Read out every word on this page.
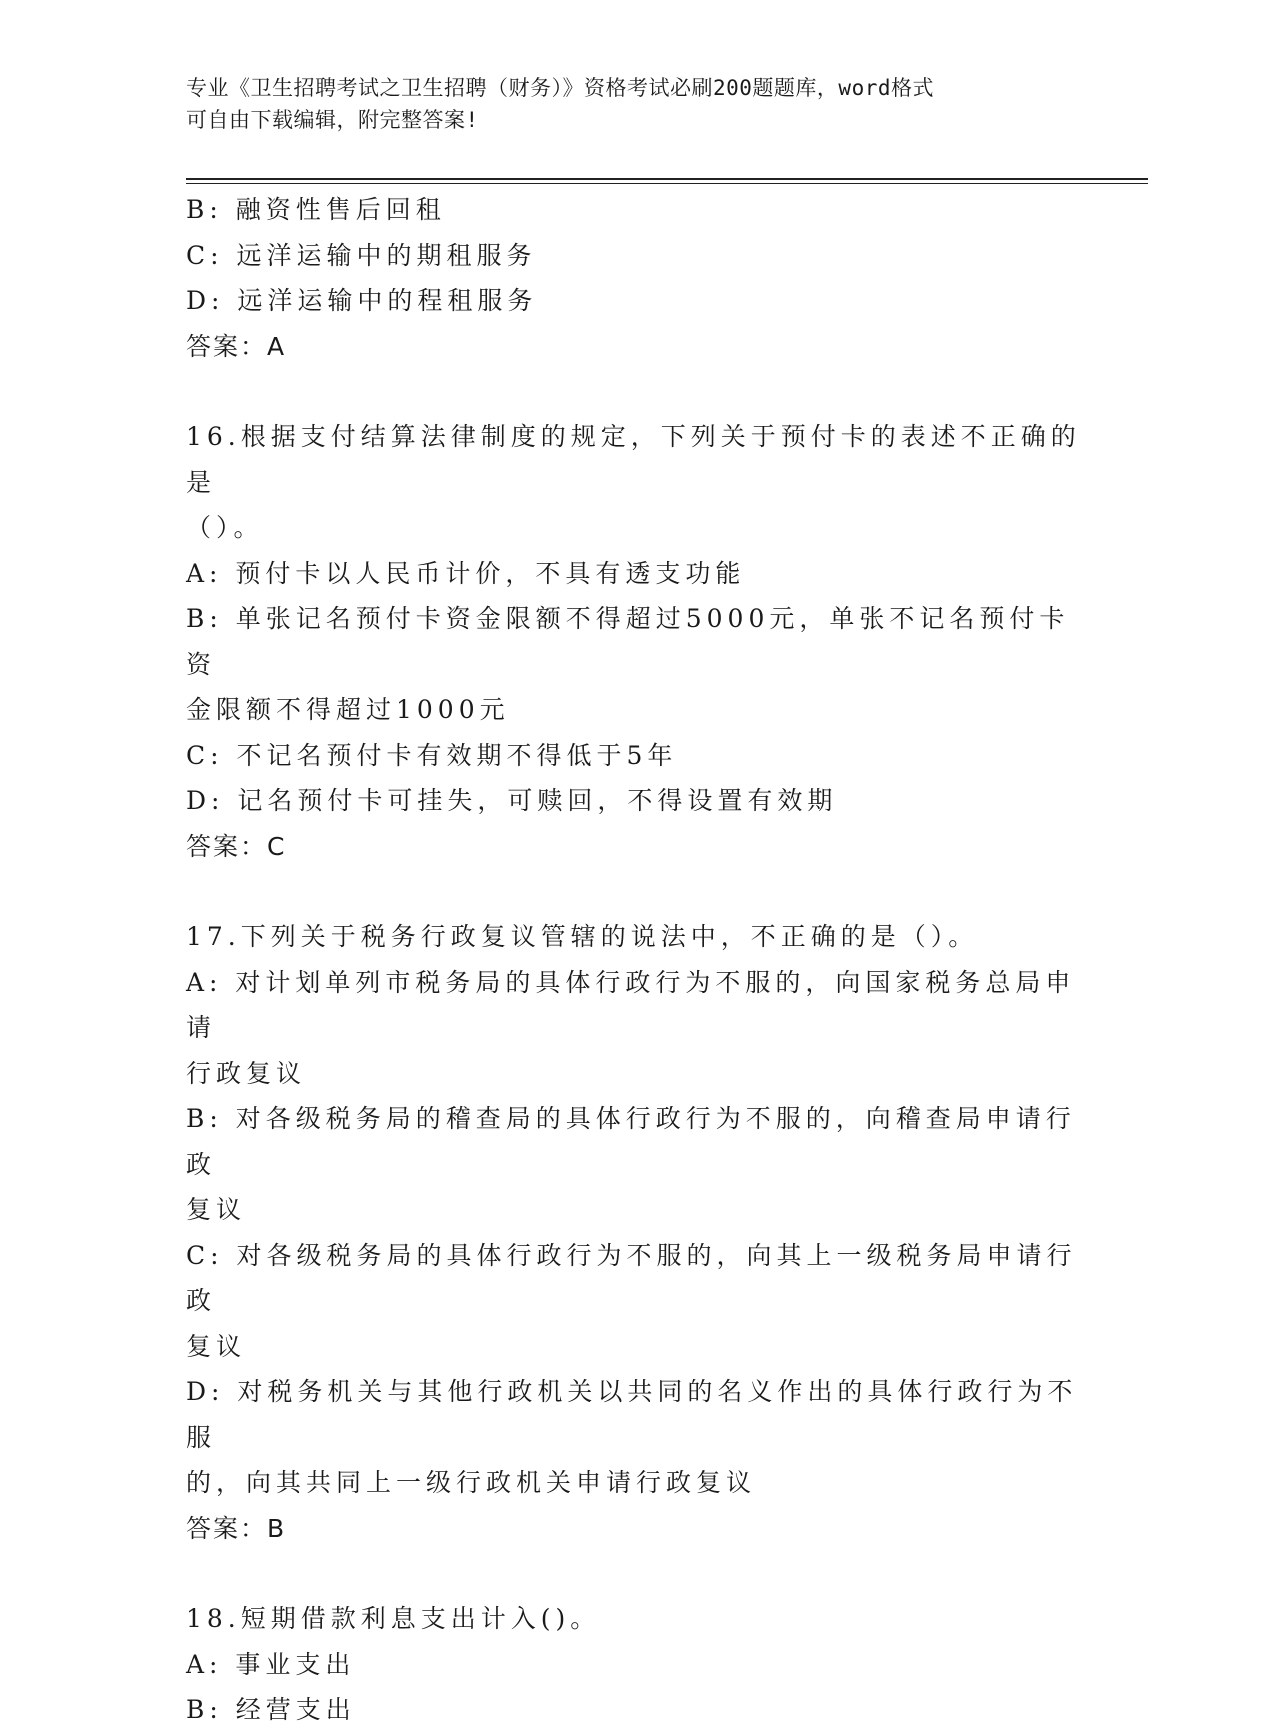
专业《卫生招聘考试之卫生招聘（财务）》资格考试必刷200题题库，word格式
可自由下载编辑，附完整答案!
B: 融资性售后回租
C: 远洋运输中的期租服务
D: 远洋运输中的程租服务
答案：A
16.根据支付结算法律制度的规定，下列关于预付卡的表述不正确的是
（）。
A: 预付卡以人民币计价，不具有透支功能
B: 单张记名预付卡资金限额不得超过5000元，单张不记名预付卡资
金限额不得超过1000元
C: 不记名预付卡有效期不得低于5年
D: 记名预付卡可挂失，可赎回，不得设置有效期
答案：C
17.下列关于税务行政复议管辖的说法中，不正确的是（）。
A: 对计划单列市税务局的具体行政行为不服的，向国家税务总局申请
行政复议
B: 对各级税务局的稽查局的具体行政行为不服的，向稽查局申请行政
复议
C: 对各级税务局的具体行政行为不服的，向其上一级税务局申请行政
复议
D: 对税务机关与其他行政机关以共同的名义作出的具体行政行为不服
的，向其共同上一级行政机关申请行政复议
答案：B
18.短期借款利息支出计入()。
A: 事业支出
B: 经营支出
